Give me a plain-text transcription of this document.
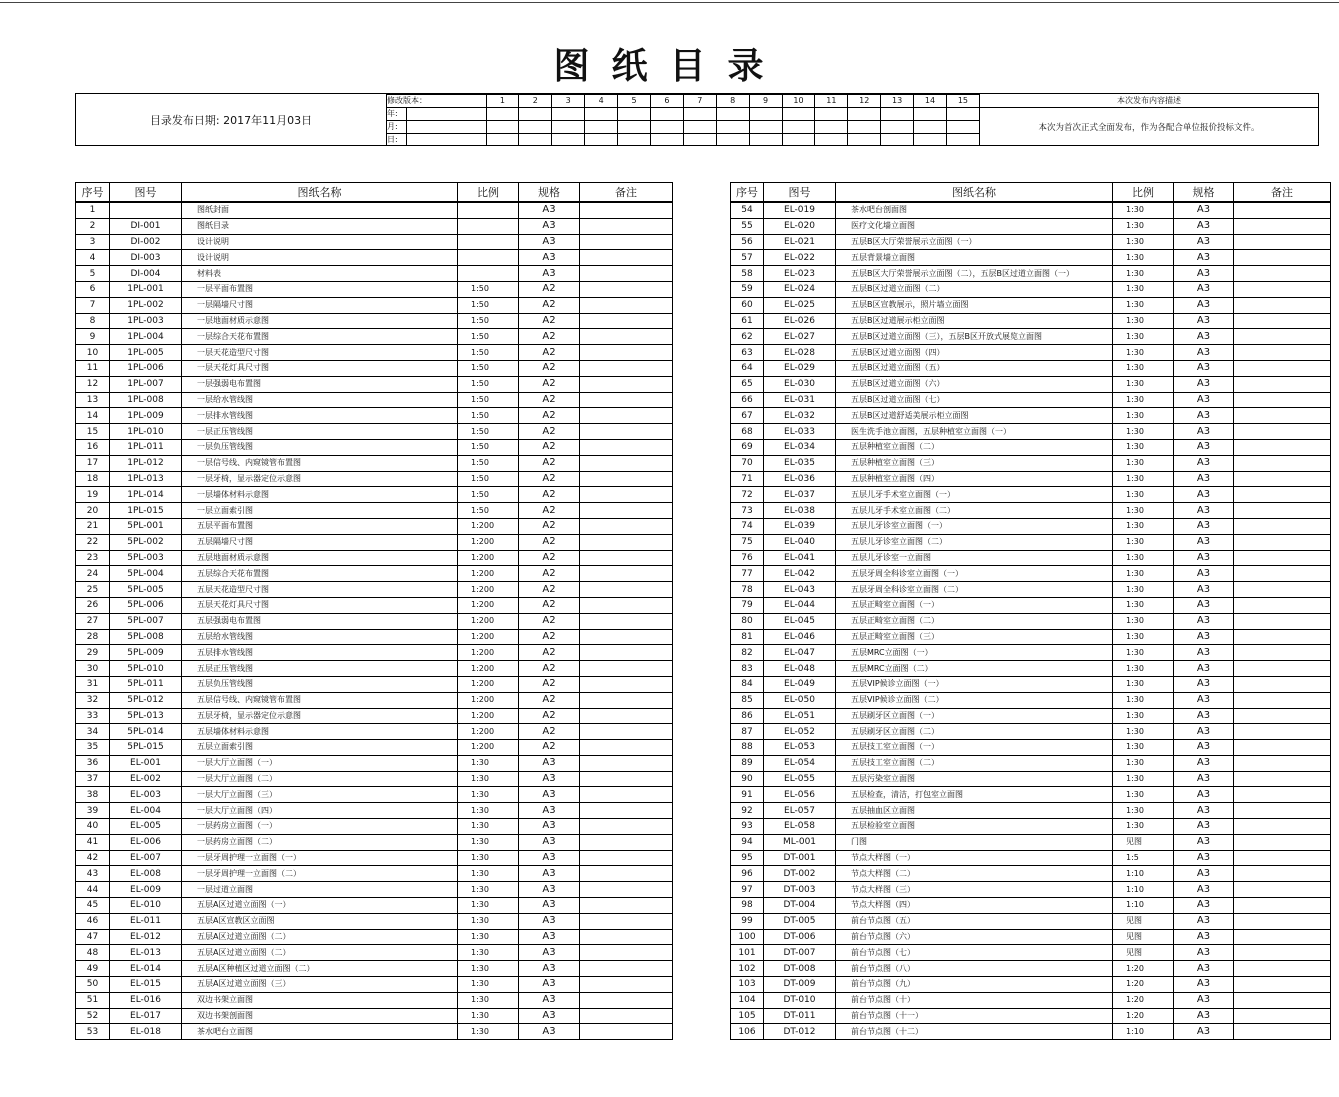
图纸目录
目录发布日期: 2017年11月03日
修改版本：		1	2	3	4	5	6	7	8	9	10	11	12	13	14	15
年:																
月:																
日:																
本次发布内容描述
本次为首次正式全面发布，作为各配合单位报价投标文件。
序号	图号	图纸名称	比例	规格	备注
1		图纸封面		A3	
2	DI-001	图纸目录		A3	
3	DI-002	设计说明		A3	
4	DI-003	设计说明		A3	
5	DI-004	材料表		A3	
6	1PL-001	一层平面布置图	1:50	A2	
7	1PL-002	一层隔墙尺寸图	1:50	A2	
8	1PL-003	一层地面材质示意图	1:50	A2	
9	1PL-004	一层综合天花布置图	1:50	A2	
10	1PL-005	一层天花造型尺寸图	1:50	A2	
11	1PL-006	一层天花灯具尺寸图	1:50	A2	
12	1PL-007	一层强弱电布置图	1:50	A2	
13	1PL-008	一层给水管线图	1:50	A2	
14	1PL-009	一层排水管线图	1:50	A2	
15	1PL-010	一层正压管线图	1:50	A2	
16	1PL-011	一层负压管线图	1:50	A2	
17	1PL-012	一层信号线、内窥镜管布置图	1:50	A2	
18	1PL-013	一层牙椅，显示器定位示意图	1:50	A2	
19	1PL-014	一层墙体材料示意图	1:50	A2	
20	1PL-015	一层立面索引图	1:50	A2	
21	5PL-001	五层平面布置图	1:200	A2	
22	5PL-002	五层隔墙尺寸图	1:200	A2	
23	5PL-003	五层地面材质示意图	1:200	A2	
24	5PL-004	五层综合天花布置图	1:200	A2	
25	5PL-005	五层天花造型尺寸图	1:200	A2	
26	5PL-006	五层天花灯具尺寸图	1:200	A2	
27	5PL-007	五层强弱电布置图	1:200	A2	
28	5PL-008	五层给水管线图	1:200	A2	
29	5PL-009	五层排水管线图	1:200	A2	
30	5PL-010	五层正压管线图	1:200	A2	
31	5PL-011	五层负压管线图	1:200	A2	
32	5PL-012	五层信号线、内窥镜管布置图	1:200	A2	
33	5PL-013	五层牙椅，显示器定位示意图	1:200	A2	
34	5PL-014	五层墙体材料示意图	1:200	A2	
35	5PL-015	五层立面索引图	1:200	A2	
36	EL-001	一层大厅立面图（一）	1:30	A3	
37	EL-002	一层大厅立面图（二）	1:30	A3	
38	EL-003	一层大厅立面图（三）	1:30	A3	
39	EL-004	一层大厅立面图（四）	1:30	A3	
40	EL-005	一层药房立面图（一）	1:30	A3	
41	EL-006	一层药房立面图（二）	1:30	A3	
42	EL-007	一层牙周护理一立面图（一）	1:30	A3	
43	EL-008	一层牙周护理一立面图（二）	1:30	A3	
44	EL-009	一层过道立面图	1:30	A3	
45	EL-010	五层A区过道立面图（一）	1:30	A3	
46	EL-011	五层A区宣教区立面图	1:30	A3	
47	EL-012	五层A区过道立面图（二）	1:30	A3	
48	EL-013	五层A区过道立面图（二）	1:30	A3	
49	EL-014	五层A区种植区过道立面图（二）	1:30	A3	
50	EL-015	五层A区过道立面图（三）	1:30	A3	
51	EL-016	双边书架立面图	1:30	A3	
52	EL-017	双边书架剖面图	1:30	A3	
53	EL-018	茶水吧台立面图	1:30	A3	
序号	图号	图纸名称	比例	规格	备注
54	EL-019	茶水吧台剖面图	1:30	A3	
55	EL-020	医疗文化墙立面图	1:30	A3	
56	EL-021	五层B区大厅荣誉展示立面图（一）	1:30	A3	
57	EL-022	五层背景墙立面图	1:30	A3	
58	EL-023	五层B区大厅荣誉展示立面图（二），五层B区过道立面图（一）	1:30	A3	
59	EL-024	五层B区过道立面图（二）	1:30	A3	
60	EL-025	五层B区宣教展示，照片墙立面图	1:30	A3	
61	EL-026	五层B区过道展示柜立面图	1:30	A3	
62	EL-027	五层B区过道立面图（三），五层B区开放式展览立面图	1:30	A3	
63	EL-028	五层B区过道立面图（四）	1:30	A3	
64	EL-029	五层B区过道立面图（五）	1:30	A3	
65	EL-030	五层B区过道立面图（六）	1:30	A3	
66	EL-031	五层B区过道立面图（七）	1:30	A3	
67	EL-032	五层B区过道舒适美展示柜立面图	1:30	A3	
68	EL-033	医生洗手池立面图，五层种植室立面图（一）	1:30	A3	
69	EL-034	五层种植室立面图（二）	1:30	A3	
70	EL-035	五层种植室立面图（三）	1:30	A3	
71	EL-036	五层种植室立面图（四）	1:30	A3	
72	EL-037	五层儿牙手术室立面图（一）	1:30	A3	
73	EL-038	五层儿牙手术室立面图（二）	1:30	A3	
74	EL-039	五层儿牙诊室立面图（一）	1:30	A3	
75	EL-040	五层儿牙诊室立面图（二）	1:30	A3	
76	EL-041	五层儿牙诊室一立面图	1:30	A3	
77	EL-042	五层牙周全科诊室立面图（一）	1:30	A3	
78	EL-043	五层牙周全科诊室立面图（二）	1:30	A3	
79	EL-044	五层正畸室立面图（一）	1:30	A3	
80	EL-045	五层正畸室立面图（二）	1:30	A3	
81	EL-046	五层正畸室立面图（三）	1:30	A3	
82	EL-047	五层MRC立面图（一）	1:30	A3	
83	EL-048	五层MRC立面图（二）	1:30	A3	
84	EL-049	五层VIP候诊立面图（一）	1:30	A3	
85	EL-050	五层VIP候诊立面图（二）	1:30	A3	
86	EL-051	五层刷牙区立面图（一）	1:30	A3	
87	EL-052	五层刷牙区立面图（二）	1:30	A3	
88	EL-053	五层技工室立面图（一）	1:30	A3	
89	EL-054	五层技工室立面图（二）	1:30	A3	
90	EL-055	五层污染室立面图	1:30	A3	
91	EL-056	五层检查，清洁，打包室立面图	1:30	A3	
92	EL-057	五层抽血区立面图	1:30	A3	
93	EL-058	五层检验室立面图	1:30	A3	
94	ML-001	门图	见图	A3	
95	DT-001	节点大样图（一）	1:5	A3	
96	DT-002	节点大样图（二）	1:10	A3	
97	DT-003	节点大样图（三）	1:10	A3	
98	DT-004	节点大样图（四）	1:10	A3	
99	DT-005	前台节点图（五）	见图	A3	
100	DT-006	前台节点图（六）	见图	A3	
101	DT-007	前台节点图（七）	见图	A3	
102	DT-008	前台节点图（八）	1:20	A3	
103	DT-009	前台节点图（九）	1:20	A3	
104	DT-010	前台节点图（十）	1:20	A3	
105	DT-011	前台节点图（十一）	1:20	A3	
106	DT-012	前台节点图（十二）	1:10	A3	
